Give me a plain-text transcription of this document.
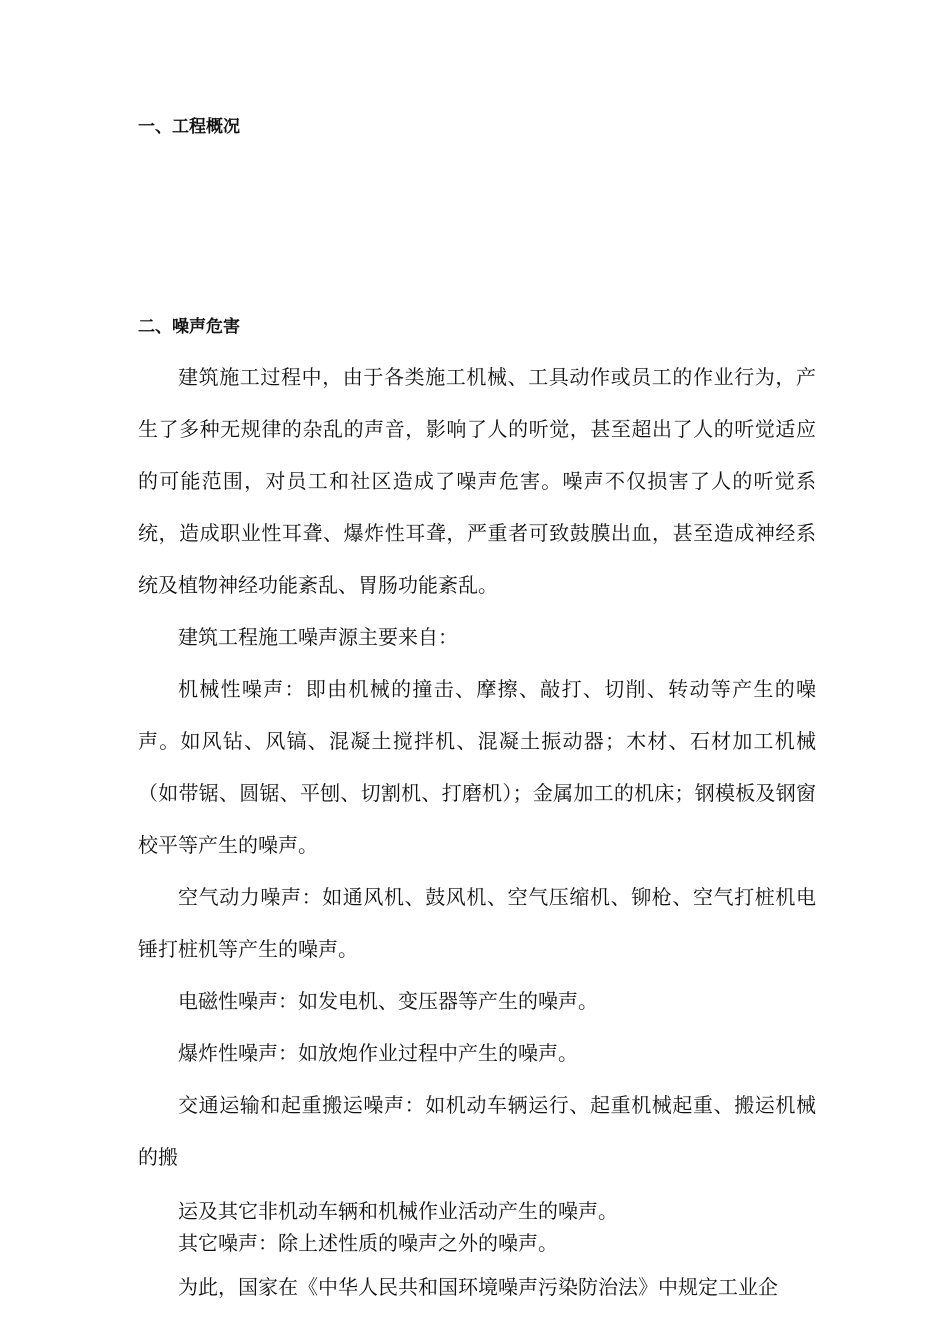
一、工程概况
二、噪声危害

建筑施工过程中，由于各类施工机械、工具动作或员工的作业行为，产生了多种无规律的杂乱的声音，影响了人的听觉，甚至超出了人的听觉适应的可能范围，对员工和社区造成了噪声危害。噪声不仅损害了人的听觉系统，造成职业性耳聋、爆炸性耳聋，严重者可致鼓膜出血，甚至造成神经系统及植物神经功能紊乱、胃肠功能紊乱。

建筑工程施工噪声源主要来自：

机械性噪声：即由机械的撞击、摩擦、敲打、切削、转动等产生的噪声。如风钻、风镐、混凝土搅拌机、混凝土振动器；木材、石材加工机械（如带锯、圆锯、平刨、切割机、打磨机）；金属加工的机床；钢模板及钢窗校平等产生的噪声。

空气动力噪声：如通风机、鼓风机、空气压缩机、铆枪、空气打桩机电锤打桩机等产生的噪声。

电磁性噪声：如发电机、变压器等产生的噪声。

爆炸性噪声：如放炮作业过程中产生的噪声。

交通运输和起重搬运噪声：如机动车辆运行、起重机械起重、搬运机械的搬

运及其它非机动车辆和机械作业活动产生的噪声。

其它噪声：除上述性质的噪声之外的噪声。

为此，国家在《中华人民共和国环境噪声污染防治法》中规定工业企
